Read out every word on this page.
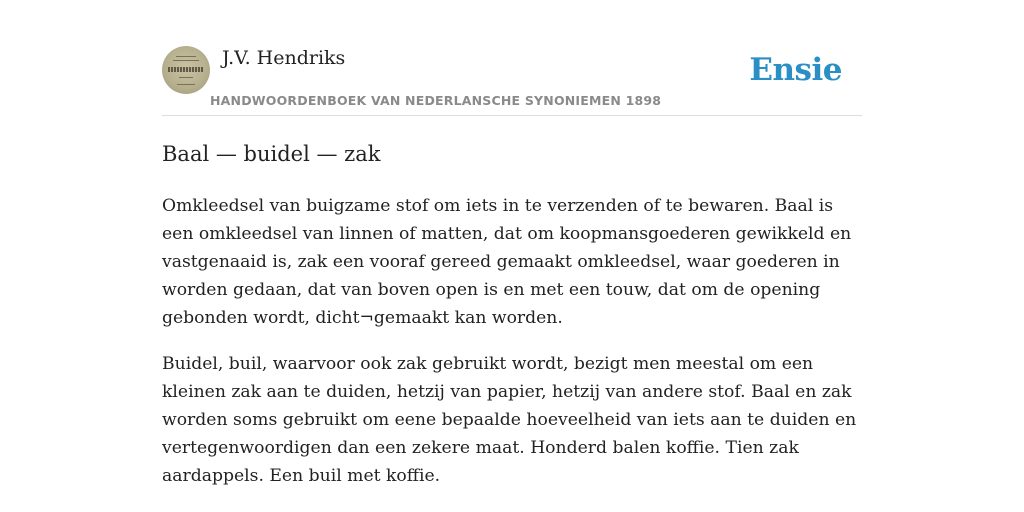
J.V. Hendriks
HANDWOORDENBOEK VAN NEDERLANSCHE SYNONIEMEN 1898
Ensie
Baal — buidel — zak

Omkleedsel van buigzame stof om iets in te verzenden of te bewaren. Baal is een omkleedsel van linnen of matten, dat om koopmansgoederen gewikkeld en vastgenaaid is, zak een vooraf gereed gemaakt omkleedsel, waar goederen in worden gedaan, dat van boven open is en met een touw, dat om de opening gebonden wordt, dicht¬gemaakt kan worden.

Buidel, buil, waarvoor ook zak gebruikt wordt, bezigt men meestal om een kleinen zak aan te duiden, hetzij van papier, hetzij van andere stof. Baal en zak worden soms gebruikt om eene bepaalde hoeveelheid van iets aan te duiden en vertegenwoordigen dan een zekere maat. Honderd balen koffie. Tien zak aardappels. Een buil met koffie.
